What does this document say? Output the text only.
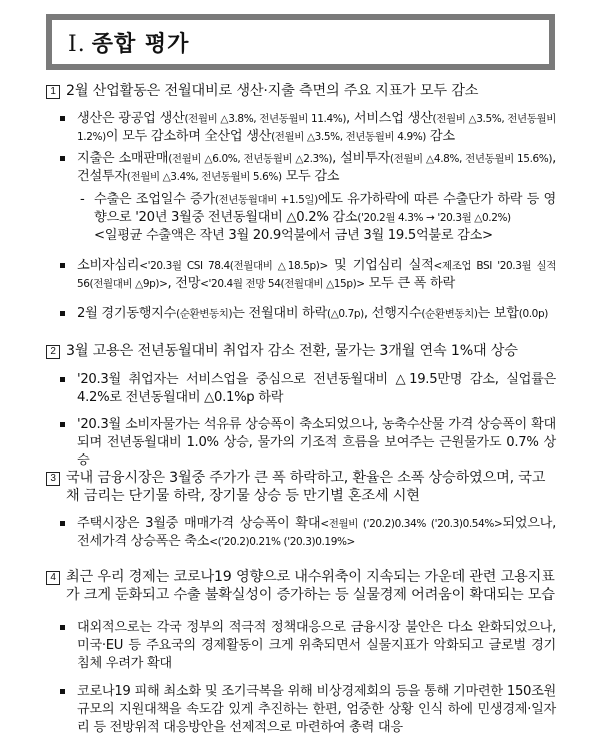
Ⅰ. 종합 평가
1 2월 산업활동은 전월대비로 생산·지출 측면의 주요 지표가 모두 감소
생산은 광공업 생산(전월비 △3.8%, 전년동월비 11.4%), 서비스업 생산(전월비 △3.5%, 전년동월비 1.2%)이 모두 감소하며 全산업 생산(전월비 △3.5%, 전년동월비 4.9%) 감소
지출은 소매판매(전월비 △6.0%, 전년동월비 △2.3%), 설비투자(전월비 △4.8%, 전년동월비 15.6%), 건설투자(전월비 △3.4%, 전년동월비 5.6%) 모두 감소
- 수출은 조업일수 증가(전년동월대비 +1.5일)에도 유가하락에 따른 수출단가 하락 등 영향으로 '20년 3월중 전년동월대비 △0.2% 감소('20.2월 4.3% → '20.3월 △0.2%)
<일평균 수출액은 작년 3월 20.9억불에서 금년 3월 19.5억불로 감소>
소비자심리<'20.3월 CSI 78.4(전월대비 △18.5p)> 및 기업심리 실적<제조업 BSI '20.3월 실적 56(전월대비 △9p)>, 전망<'20.4월 전망 54(전월대비 △15p)> 모두 큰 폭 하락
2월 경기동행지수(순환변동치)는 전월대비 하락(△0.7p), 선행지수(순환변동치)는 보합(0.0p)
2 3월 고용은 전년동월대비 취업자 감소 전환, 물가는 3개월 연속 1%대 상승
'20.3월 취업자는 서비스업을 중심으로 전년동월대비 △19.5만명 감소, 실업률은 4.2%로 전년동월대비 △0.1%p 하락
'20.3월 소비자물가는 석유류 상승폭이 축소되었으나, 농축수산물 가격 상승폭이 확대되며 전년동월대비 1.0% 상승, 물가의 기조적 흐름을 보여주는 근원물가도 0.7% 상승
3 국내 금융시장은 3월중 주가가 큰 폭 하락하고, 환율은 소폭 상승하였으며, 국고채 금리는 단기물 하락, 장기물 상승 등 만기별 혼조세 시현
주택시장은 3월중 매매가격 상승폭이 확대<전월비 ('20.2)0.34% ('20.3)0.54%>되었으나, 전세가격 상승폭은 축소<('20.2)0.21% ('20.3)0.19%>
4 최근 우리 경제는 코로나19 영향으로 내수위축이 지속되는 가운데 관련 고용지표가 크게 둔화되고 수출 불확실성이 증가하는 등 실물경제 어려움이 확대되는 모습
대외적으로는 각국 정부의 적극적 정책대응으로 금융시장 불안은 다소 완화되었으나, 미국·EU 등 주요국의 경제활동이 크게 위축되면서 실물지표가 악화되고 글로벌 경기침체 우려가 확대
코로나19 피해 최소화 및 조기극복을 위해 비상경제회의 등을 통해 기마련한 150조원 규모의 지원대책을 속도감 있게 추진하는 한편, 엄중한 상황 인식 하에 민생경제·일자리 등 전방위적 대응방안을 선제적으로 마련하여 총력 대응
